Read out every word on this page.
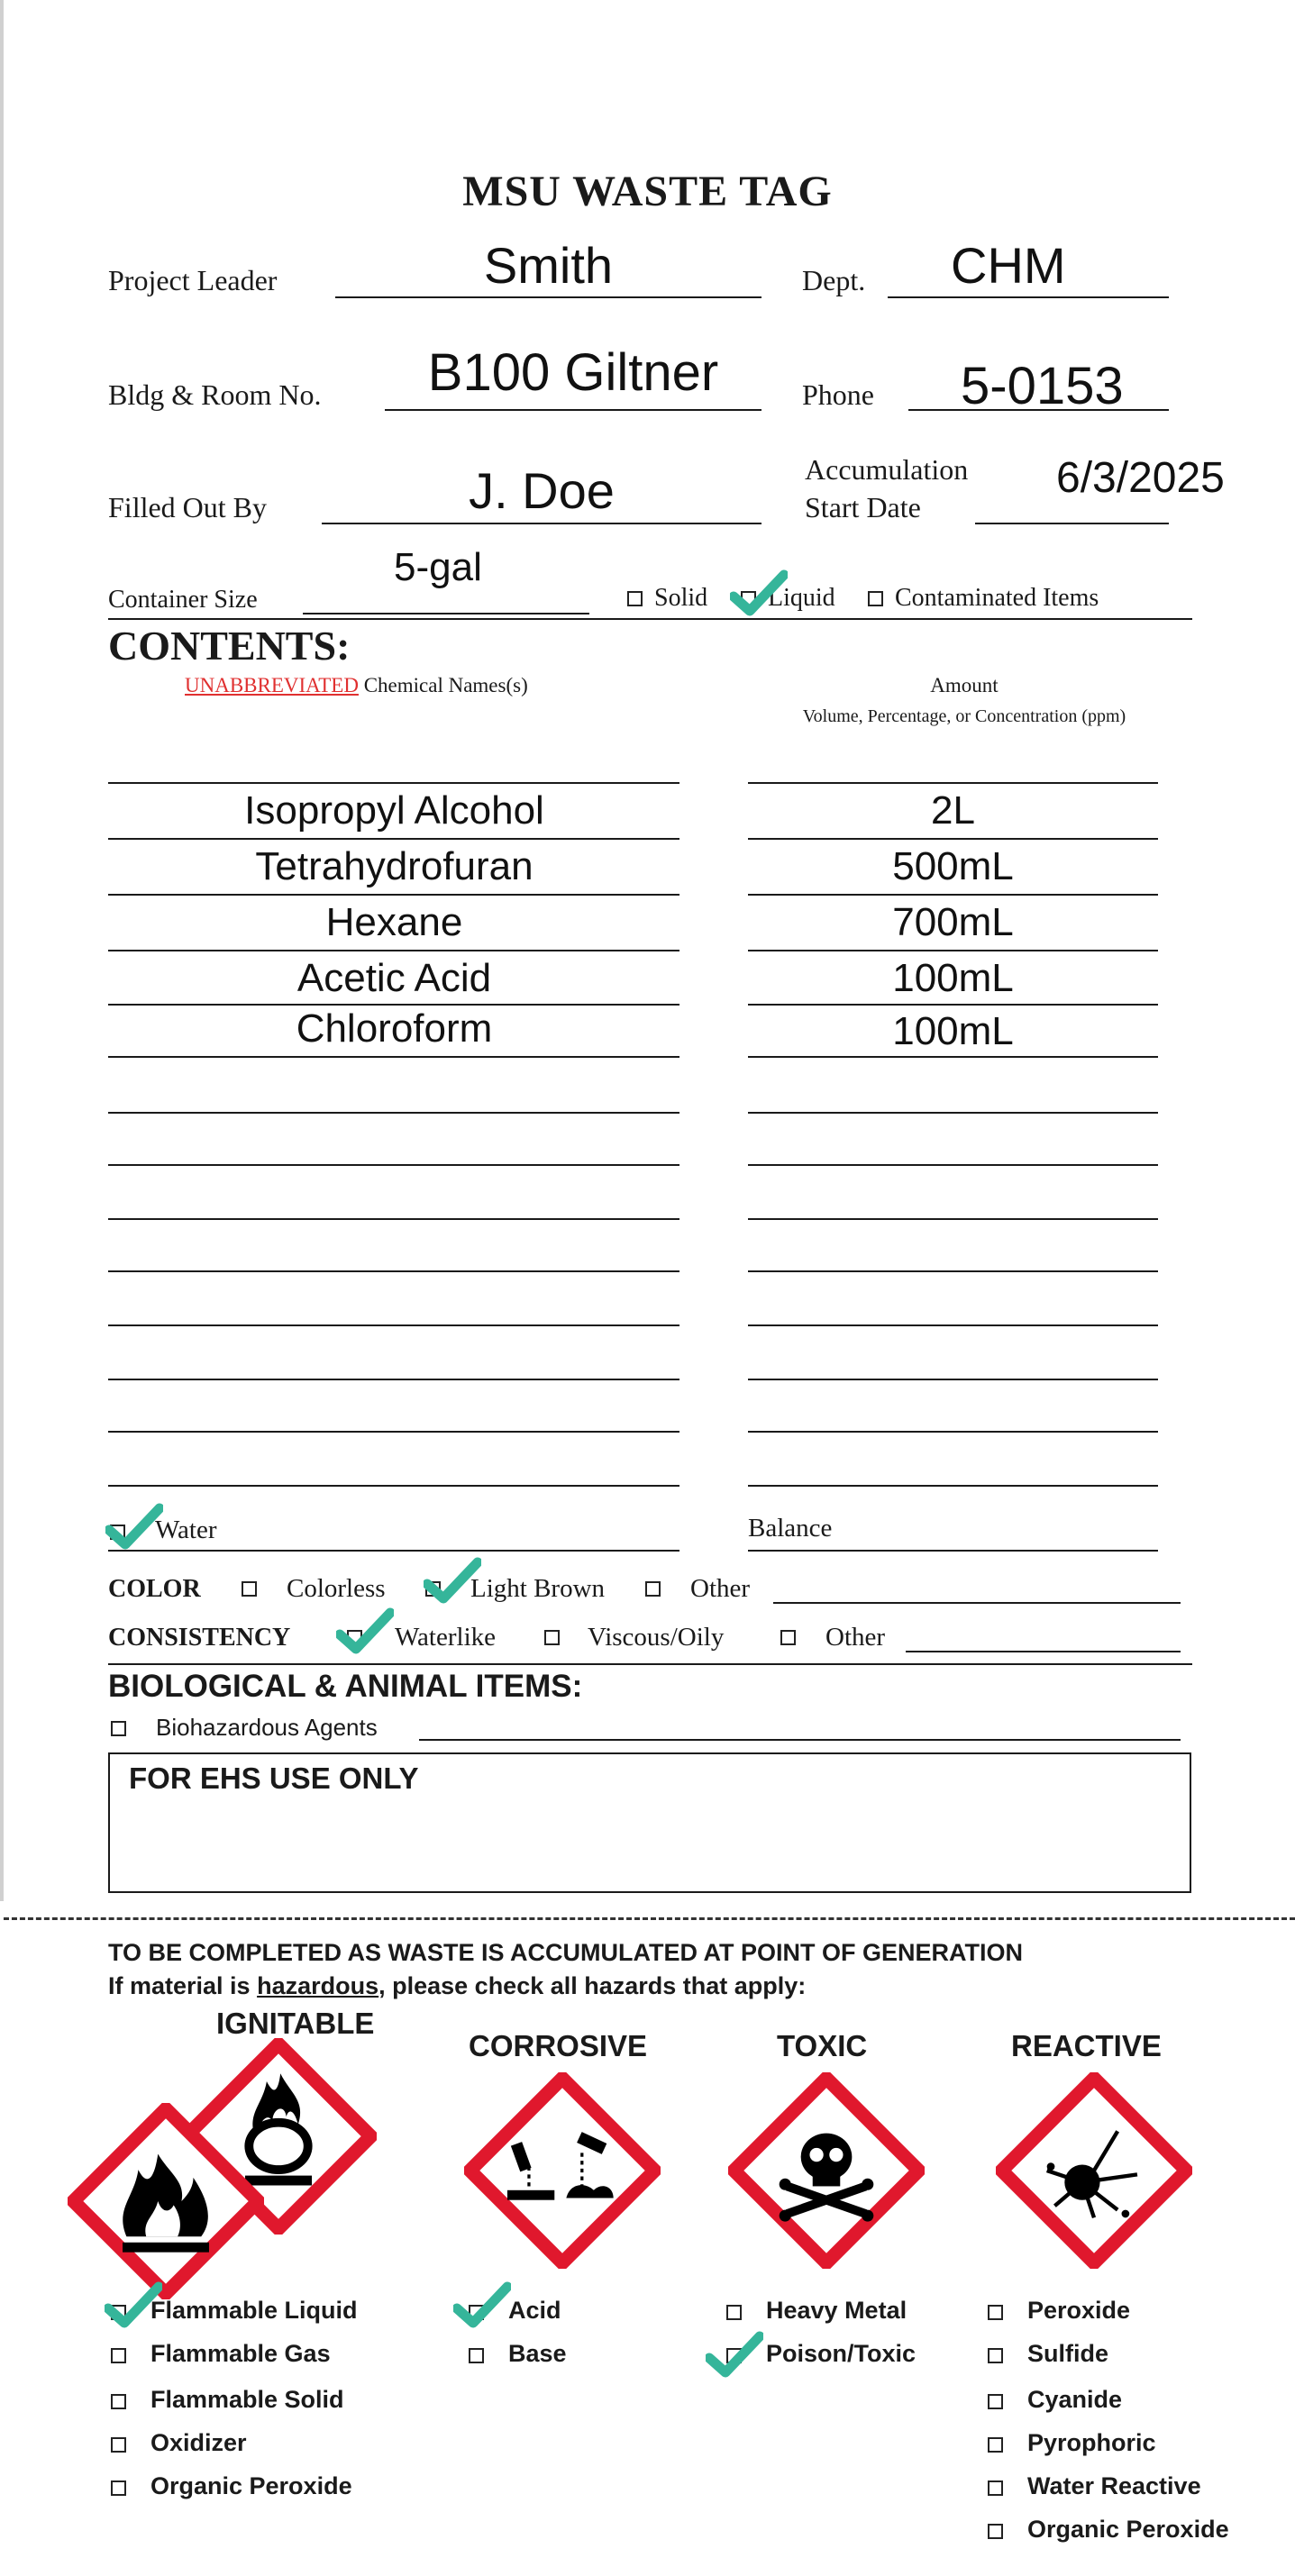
MSU WASTE TAG
Project Leader	Smith	Dept. CHM
Bldg & Room No.	B100 Giltner	Phone 5-0153
Filled Out By	J. Doe	Accumulation
Start Date
6/3/2025
Container Size
5-gal
Solid Liquid Contaminated Items
CONTENTS:
UNABBREVIATED Chemical Names(s)	Amount
Volume, Percentage, or Concentration (ppm)
Isopropyl Alcohol	2L
Tetrahydrofuran	500mL
Hexane	700mL
Acetic Acid	100mL
Chloroform	100mL
Water	Balance
COLOR	Colorless	Light Brown	Other
CONSISTENCY	Waterlike	Viscous/Oily	Other
BIOLOGICAL & ANIMAL ITEMS:
Biohazardous Agents
FOR EHS USE ONLY
TO BE COMPLETED AS WASTE IS ACCUMULATED AT POINT OF GENERATION
If material is hazardous, please check all hazards that apply:
IGNITABLE
CORROSIVE	TOXIC	REACTIVE
Flammable Liquid
Flammable Gas
Flammable Solid
Oxidizer
Organic Peroxide
Acid
Base
Heavy Metal
Poison/Toxic
Peroxide
Sulfide
Cyanide
Pyrophoric
Water Reactive
Organic Peroxide
